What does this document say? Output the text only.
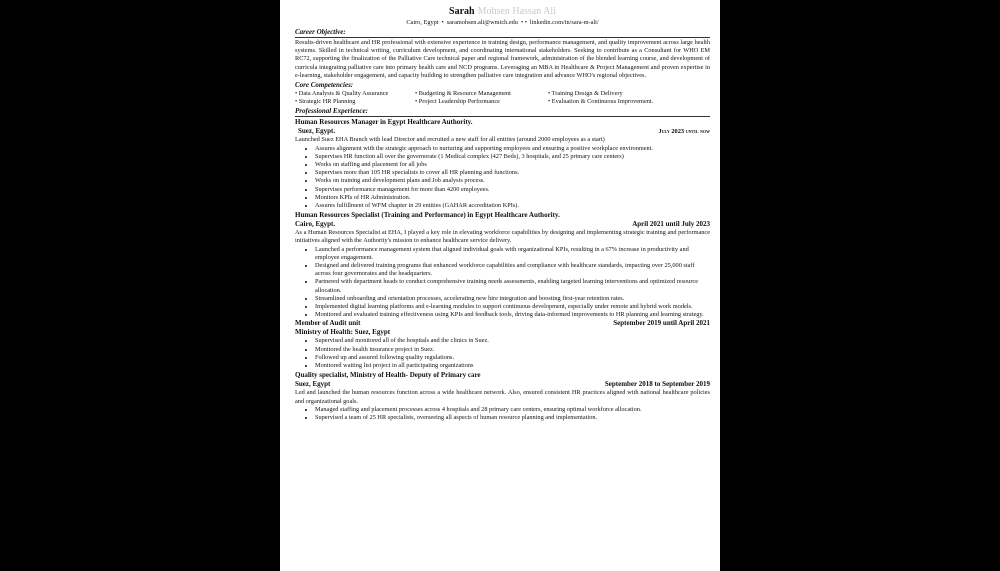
Sarah Mohsen Hassan Ali
Cairo, Egypt • saramohsen.ali@wmich.edu • • linkedin.com/in/sara-m-ali/
Career Objective:
Results-driven healthcare and HR professional with extensive experience in training design, performance management, and quality improvement across large health systems. Skilled in technical writing, curriculum development, and coordinating international stakeholders. Seeking to contribute as a Consultant for WHO EM RC72, supporting the finalization of the Palliative Care technical paper and regional framework, administration of the blended learning course, and development of curricula integrating palliative care into primary health care and NCD programs. Leveraging an MBA in Healthcare & Project Management and proven expertise in e-learning, stakeholder engagement, and capacity building to strengthen palliative care integration and advance WHO's regional objectives.
Core Competencies:
• Data Analysis & Quality Assurance	• Budgeting & Resource Management	• Training Design & Delivery
• Strategic HR Planning	• Project Leadership Performance	• Evaluation & Continuous Improvement.
Professional Experience:
Human Resources Manager in Egypt Healthcare Authority.
Suez, Egypt.	July 2023 until now
Launched Suez EHA Branch with lead Director and recruited a new staff for all entities (around 2000 employees as a start)
• Assures alignment with the strategic approach to nurturing and supporting employees and ensuring a positive workplace environment.
• Supervises HR function all over the governorate (1 Medical complex (427 Beds), 3 hospitals, and 25 primary care centers)
• Works on staffing and placement for all jobs
• Supervises more than 105 HR specialists to cover all HR planning and functions.
• Works on training and development plans and Job analysis process.
• Supervises performance management for more than 4200 employees.
• Monitors KPIs of HR Administration.
• Assures fulfillment of WFM chapter in 29 entities (GAHAR accreditation KPIs).
Human Resources Specialist (Training and Performance) in Egypt Healthcare Authority.
Cairo, Egypt.	April 2021 until July 2023
As a Human Resources Specialist at EHA, I played a key role in elevating workforce capabilities by designing and implementing strategic training and performance initiatives aligned with the Authority's mission to enhance healthcare service delivery.
• Launched a performance management system that aligned individual goals with organizational KPIs, resulting in a 67% increase in productivity and employee engagement.
• Designed and delivered training programs that enhanced workforce capabilities and compliance with healthcare standards, impacting over 25,000 staff across four governorates and the headquarters.
• Partnered with department heads to conduct comprehensive training needs assessments, enabling targeted learning interventions and optimized resource allocation.
• Streamlined onboarding and orientation processes, accelerating new hire integration and boosting first-year retention rates.
• Implemented digital learning platforms and e-learning modules to support continuous development, especially under remote and hybrid work models.
• Monitored and evaluated training effectiveness using KPIs and feedback tools, driving data-informed improvements to HR planning and learning strategy.
Member of Audit unit	September 2019 until April 2021
Ministry of Health: Suez, Egypt
• Supervised and monitored all of the hospitals and the clinics in Suez.
• Monitored the health insurance project in Suez.
• Followed up and assured following quality regulations.
• Monitored waiting list project in all participating organizations
Quality specialist, Ministry of Health- Deputy of Primary care
Suez, Egypt	September 2018 to September 2019
Led and launched the human resources function across a wide healthcare network. Also, ensured consistent HR practices aligned with national healthcare policies and organizational goals.
• Managed staffing and placement processes across 4 hospitals and 28 primary care centers, ensuring optimal workforce allocation.
• Supervised a team of 25 HR specialists, overseeing all aspects of human resource planning and implementation.
